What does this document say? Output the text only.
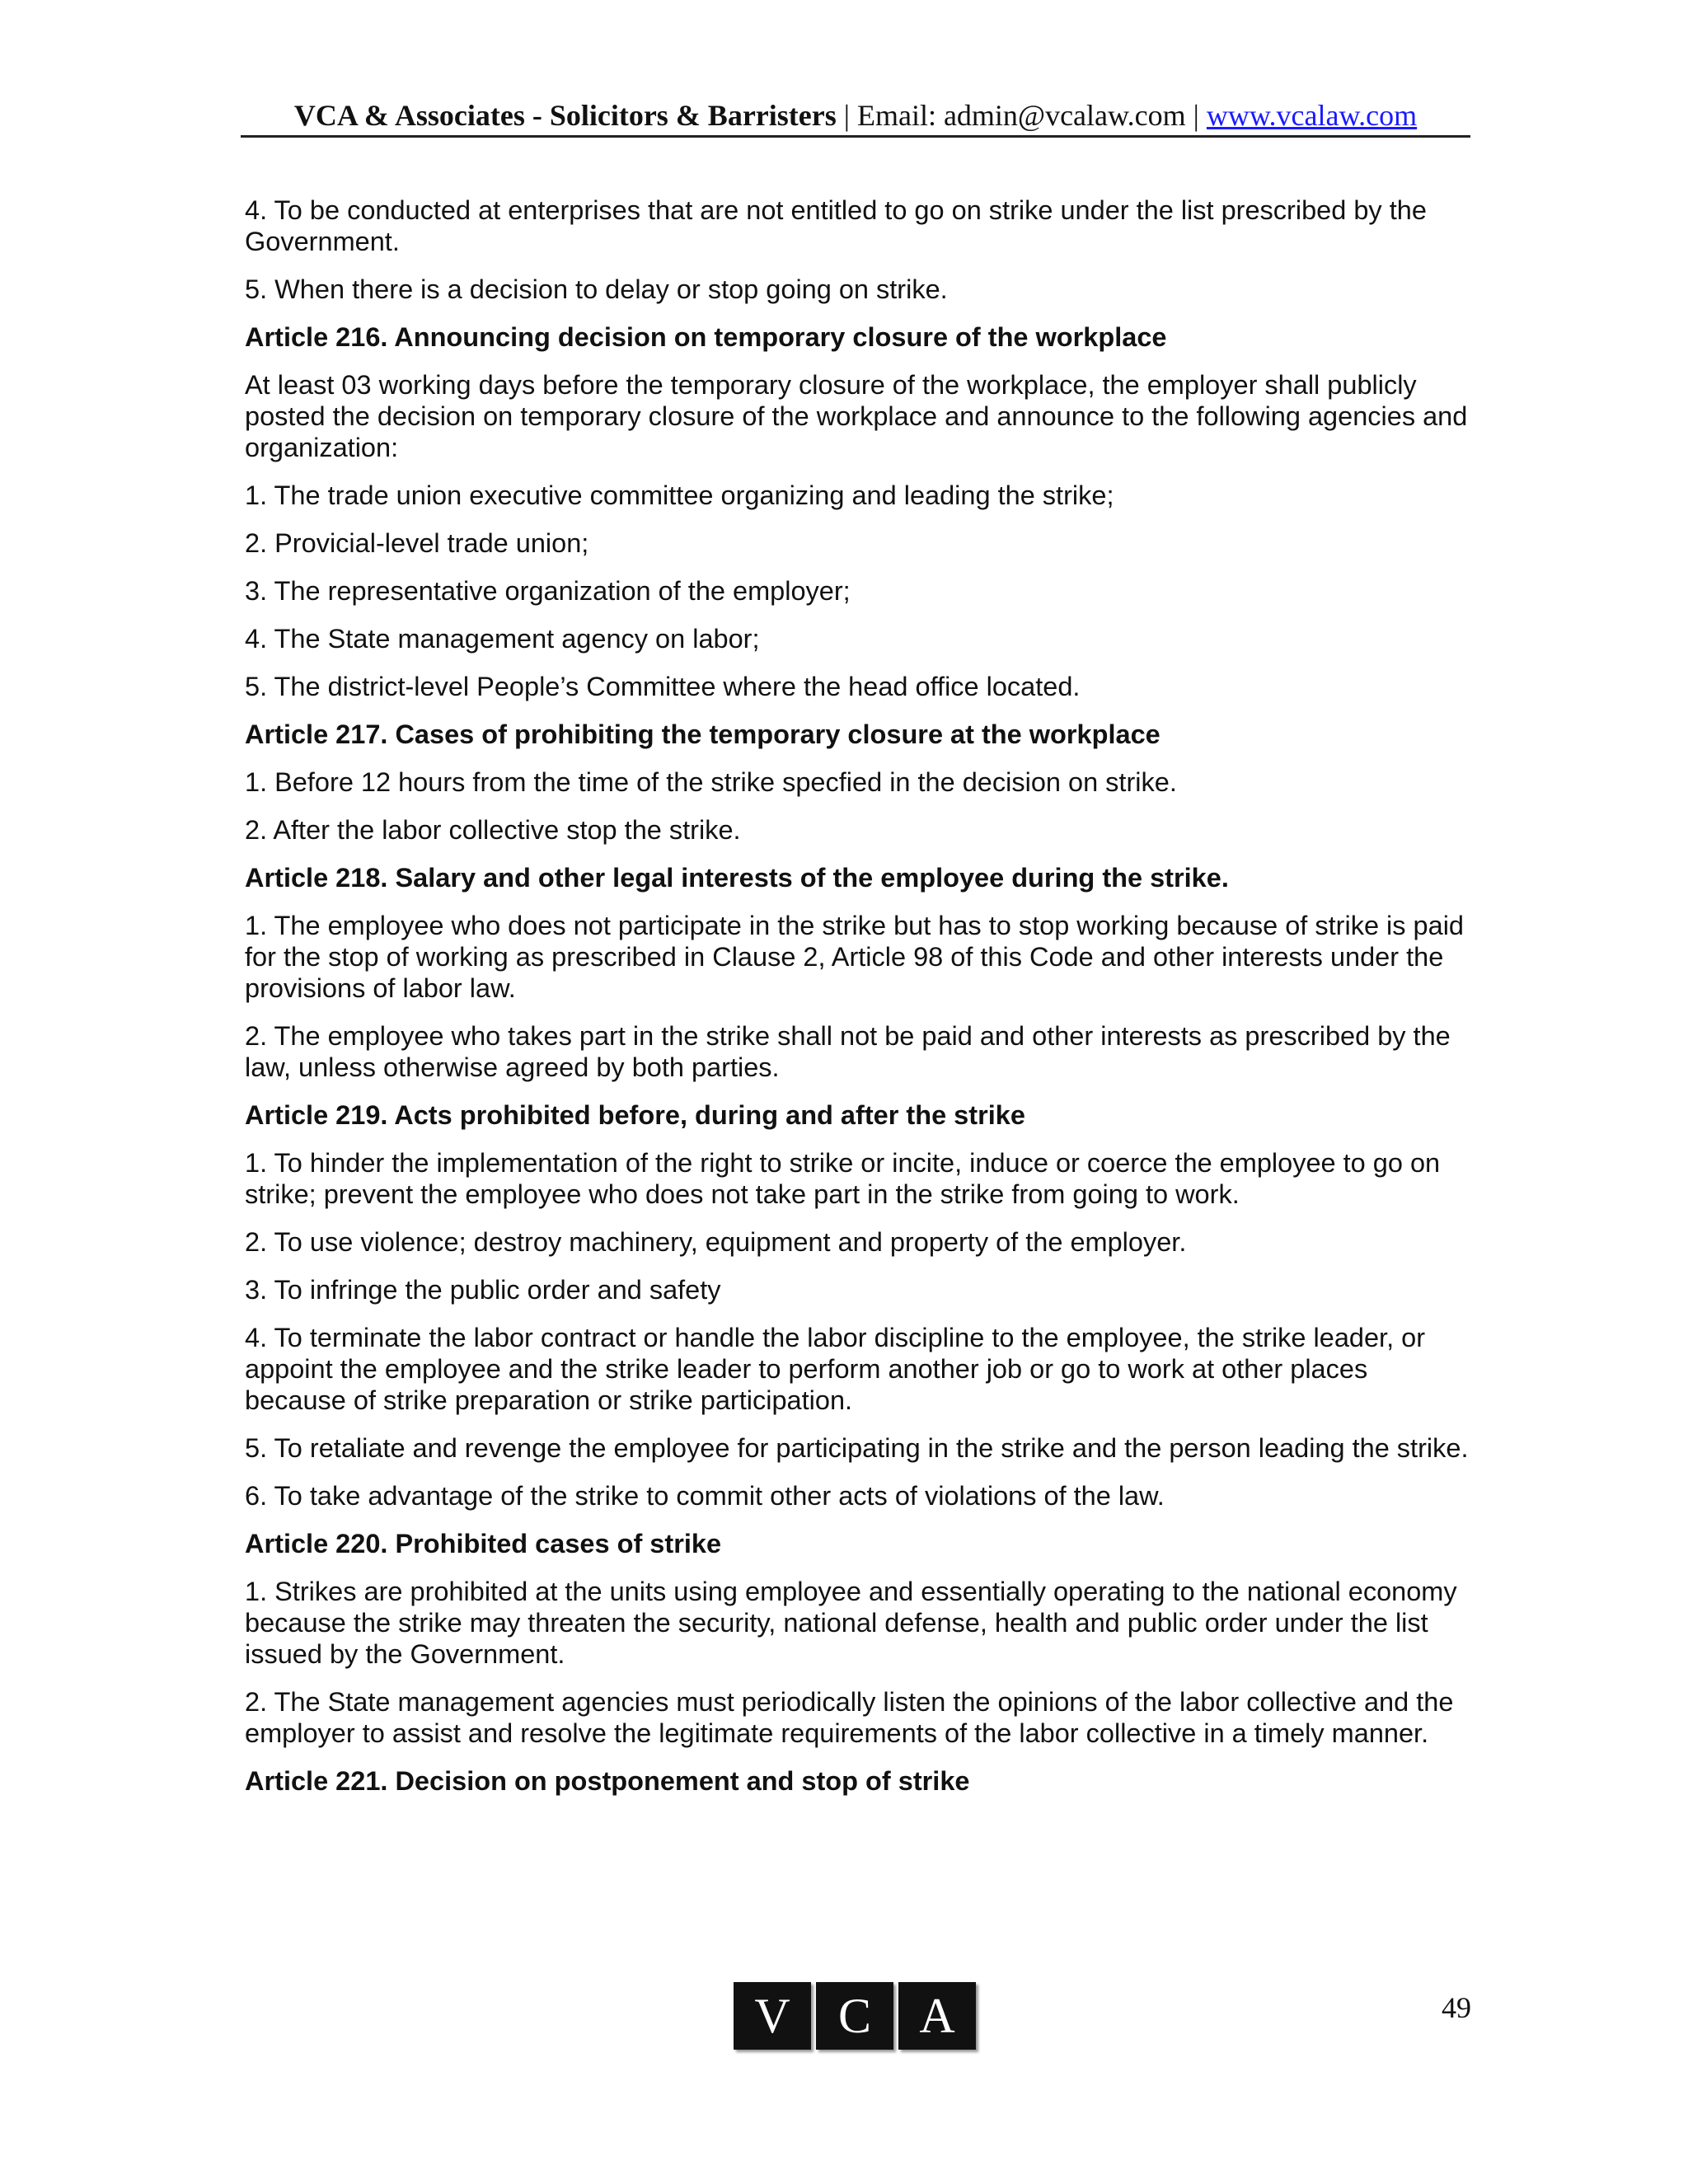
VCA & Associates - Solicitors & Barristers | Email: admin@vcalaw.com | www.vcalaw.com

4. To be conducted at enterprises that are not entitled to go on strike under the list prescribed by the Government.

5. When there is a decision to delay or stop going on strike.

Article 216. Announcing decision on temporary closure of the workplace

At least 03 working days before the temporary closure of the workplace, the employer shall publicly posted the decision on temporary closure of the workplace and announce to the following agencies and organization:

1. The trade union executive committee organizing and leading the strike;

2. Provicial-level trade union;

3. The representative organization of the employer;

4. The State management agency on labor;

5. The district-level People’s Committee where the head office located.

Article 217. Cases of prohibiting the temporary closure at the workplace

1. Before 12 hours from the time of the strike specfied in the decision on strike.

2. After the labor collective stop the strike.

Article 218. Salary and other legal interests of the employee during the strike.

1. The employee who does not participate in the strike but has to stop working because of strike is paid for the stop of working as prescribed in Clause 2, Article 98 of this Code and other interests under the provisions of labor law.

2. The employee who takes part in the strike shall not be paid and other interests as prescribed by the law, unless otherwise agreed by both parties.

Article 219. Acts prohibited before, during and after the strike

1. To hinder the implementation of the right to strike or incite, induce or coerce the employee to go on strike; prevent the employee who does not take part in the strike from going to work.

2. To use violence; destroy machinery, equipment and property of the employer.

3. To infringe the public order and safety

4. To terminate the labor contract or handle the labor discipline to the employee, the strike leader, or appoint the employee and the strike leader to perform another job or go to work at other places because of strike preparation or strike participation.

5. To retaliate and revenge the employee for participating in the strike and the person leading the strike.

6. To take advantage of the strike to commit other acts of violations of the law.

Article 220. Prohibited cases of strike

1. Strikes are prohibited at the units using employee and essentially operating to the national economy because the strike may threaten the security, national defense, health and public order under the list issued by the Government.

2. The State management agencies must periodically listen the opinions of the labor collective and the employer to assist and resolve the legitimate requirements of the labor collective in a timely manner.

Article 221. Decision on postponement and stop of strike
V C A	49
